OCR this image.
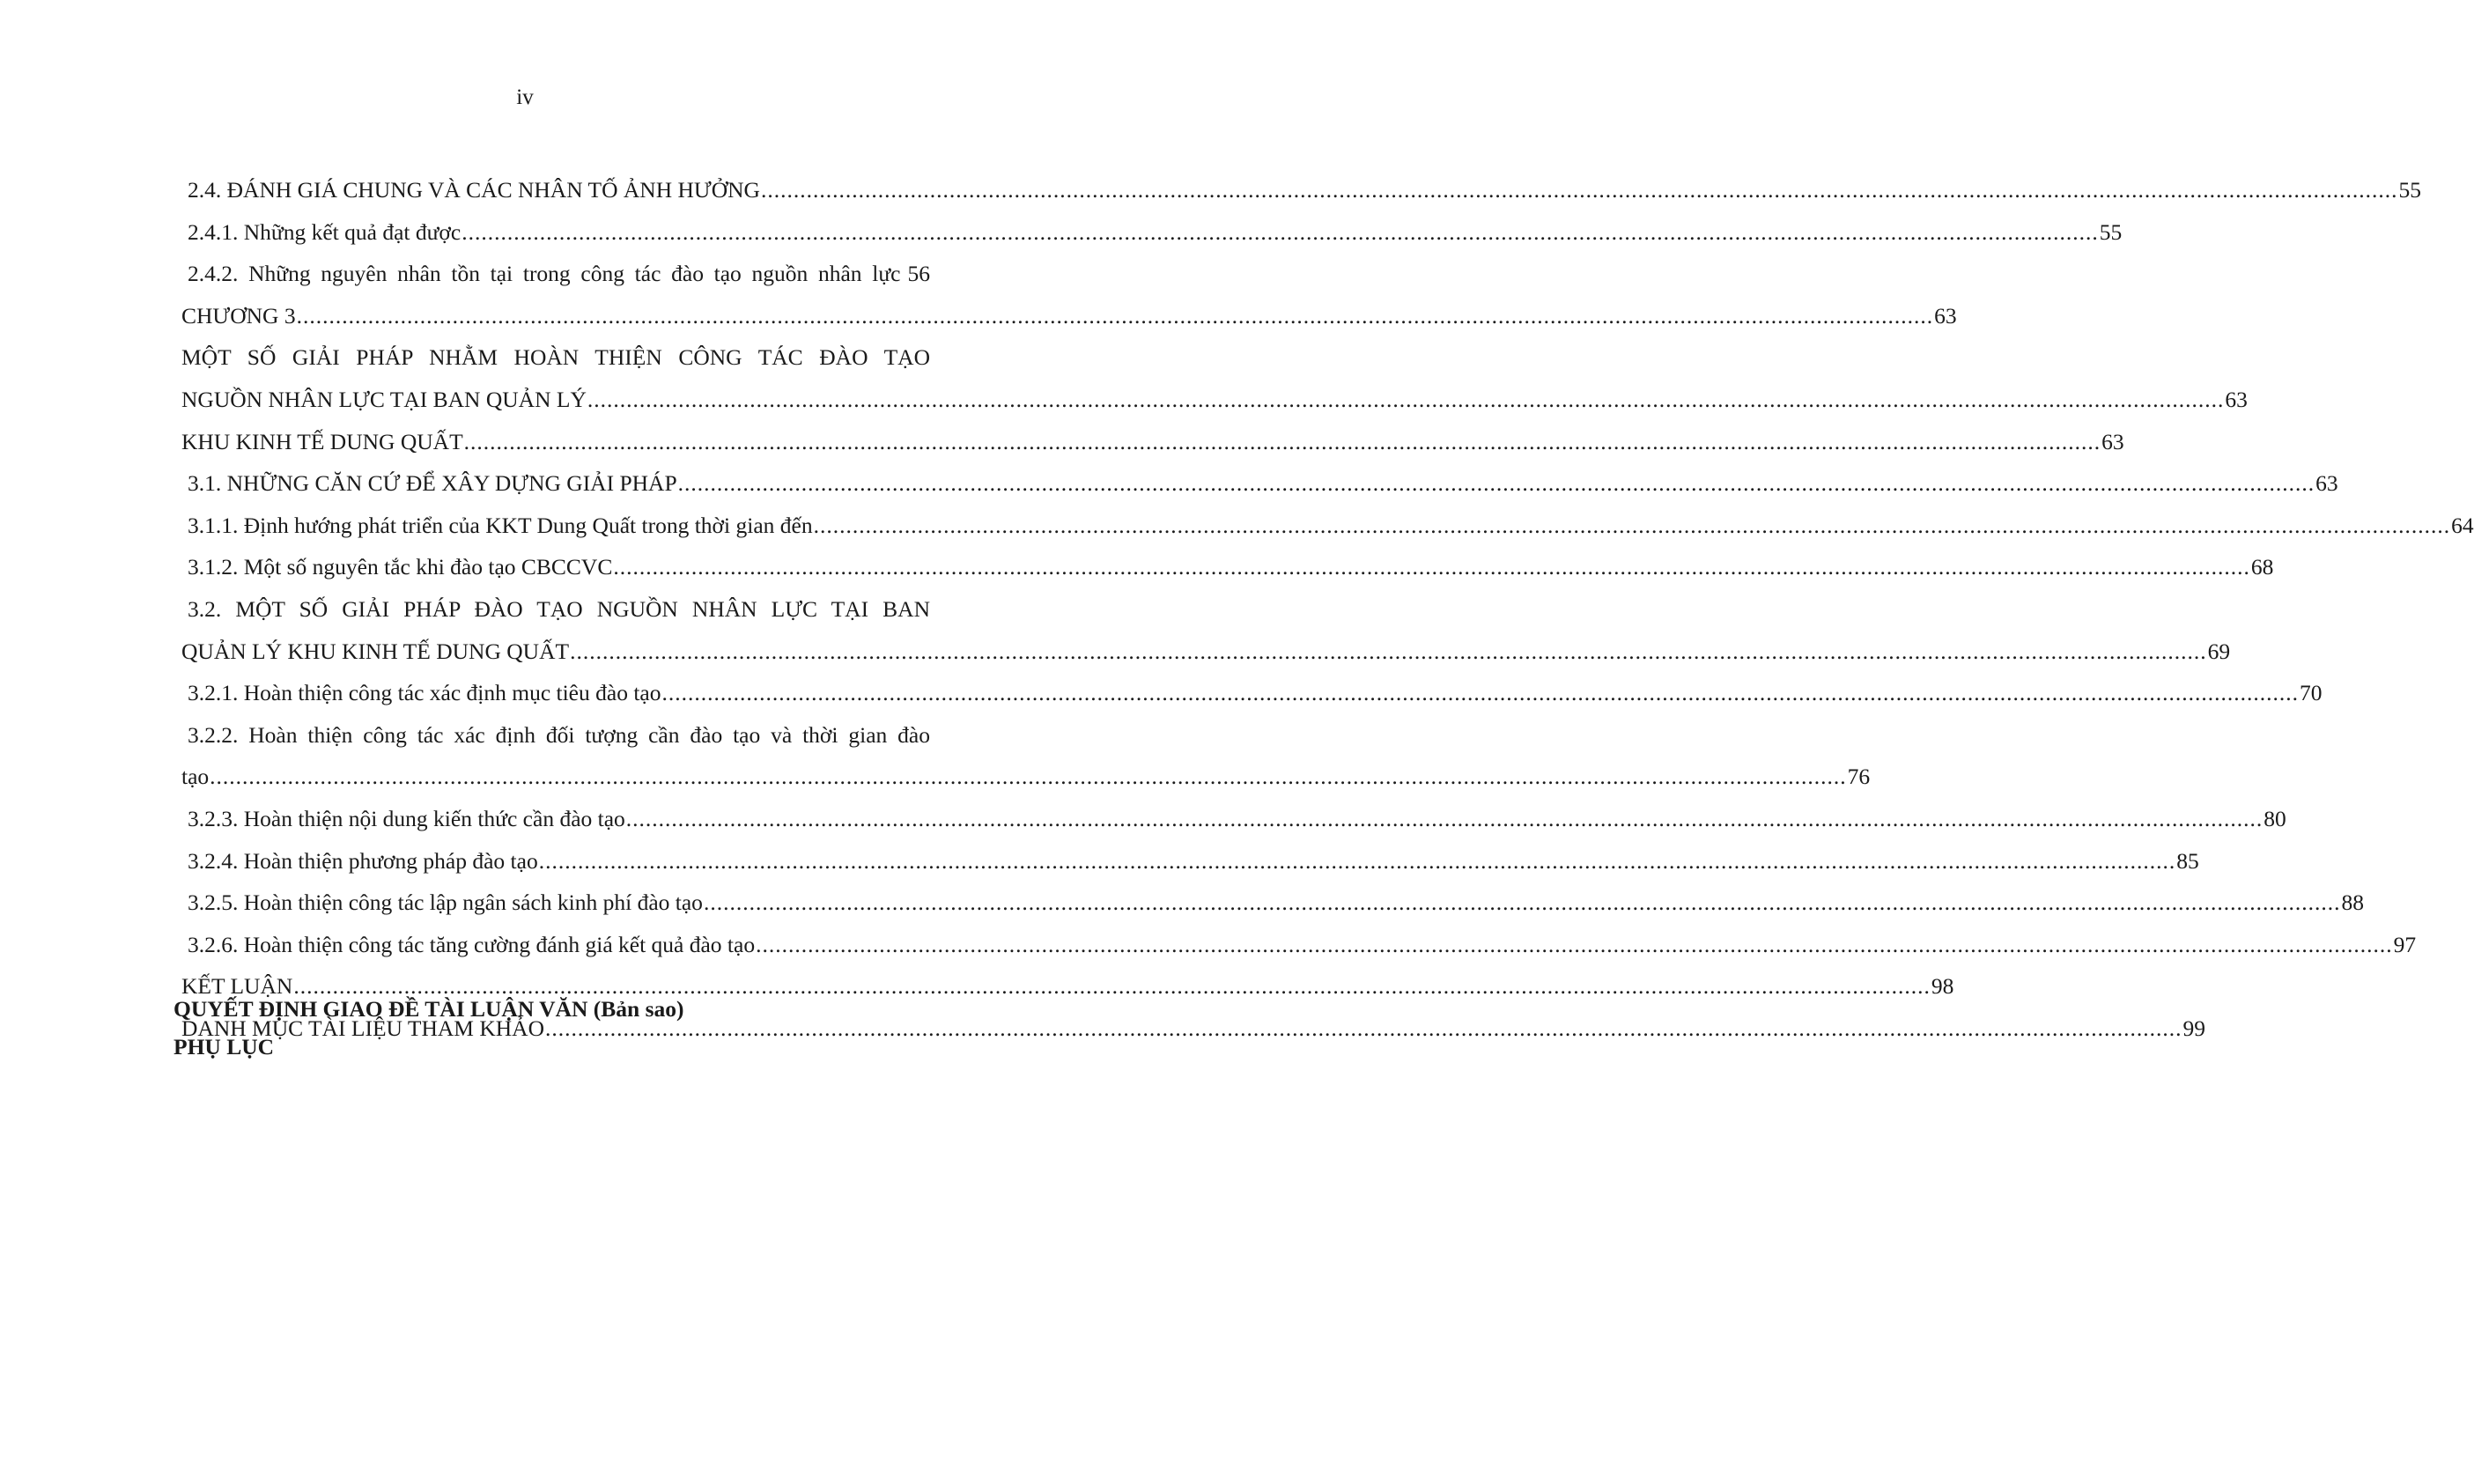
iv
2.4. ĐÁNH GIÁ CHUNG VÀ CÁC NHÂN TỐ ẢNH HƯỞNG .....	55
2.4.1. Những kết quả đạt được .....	55
2.4.2. Những nguyên nhân tồn tại trong công tác đào tạo nguồn nhân lực 56
CHƯƠNG 3 .....	63
MỘT SỐ GIẢI PHÁP NHẰM HOÀN THIỆN CÔNG TÁC ĐÀO TẠO
NGUỒN NHÂN LỰC TẠI BAN QUẢN LÝ .....	63
KHU KINH TẾ DUNG QUẤT .....	63
3.1. NHỮNG CĂN CỨ ĐỂ XÂY DỰNG GIẢI PHÁP .....	63
3.1.1. Định hướng phát triển của KKT Dung Quất trong thời gian đến .....	64
3.1.2. Một số nguyên tắc khi đào tạo CBCCVC .....	68
3.2. MỘT SỐ GIẢI PHÁP ĐÀO TẠO NGUỒN NHÂN LỰC TẠI BAN
QUẢN LÝ KHU KINH TẾ DUNG QUẤT .....	69
3.2.1. Hoàn thiện công tác xác định mục tiêu đào tạo .....	70
3.2.2. Hoàn thiện công tác xác định đối tượng cần đào tạo và thời gian đào
tạo .....	76
3.2.3. Hoàn thiện nội dung kiến thức cần đào tạo .....	80
3.2.4. Hoàn thiện phương pháp đào tạo .....	85
3.2.5. Hoàn thiện công tác lập ngân sách kinh phí đào tạo .....	88
3.2.6. Hoàn thiện công tác tăng cường đánh giá kết quả đào tạo .....	97
KẾT LUẬN .....	98
DANH MỤC TÀI LIỆU THAM KHẢO .....	99
QUYẾT ĐỊNH GIAO ĐỀ TÀI LUẬN VĂN (Bản sao)
PHỤ LỤC
